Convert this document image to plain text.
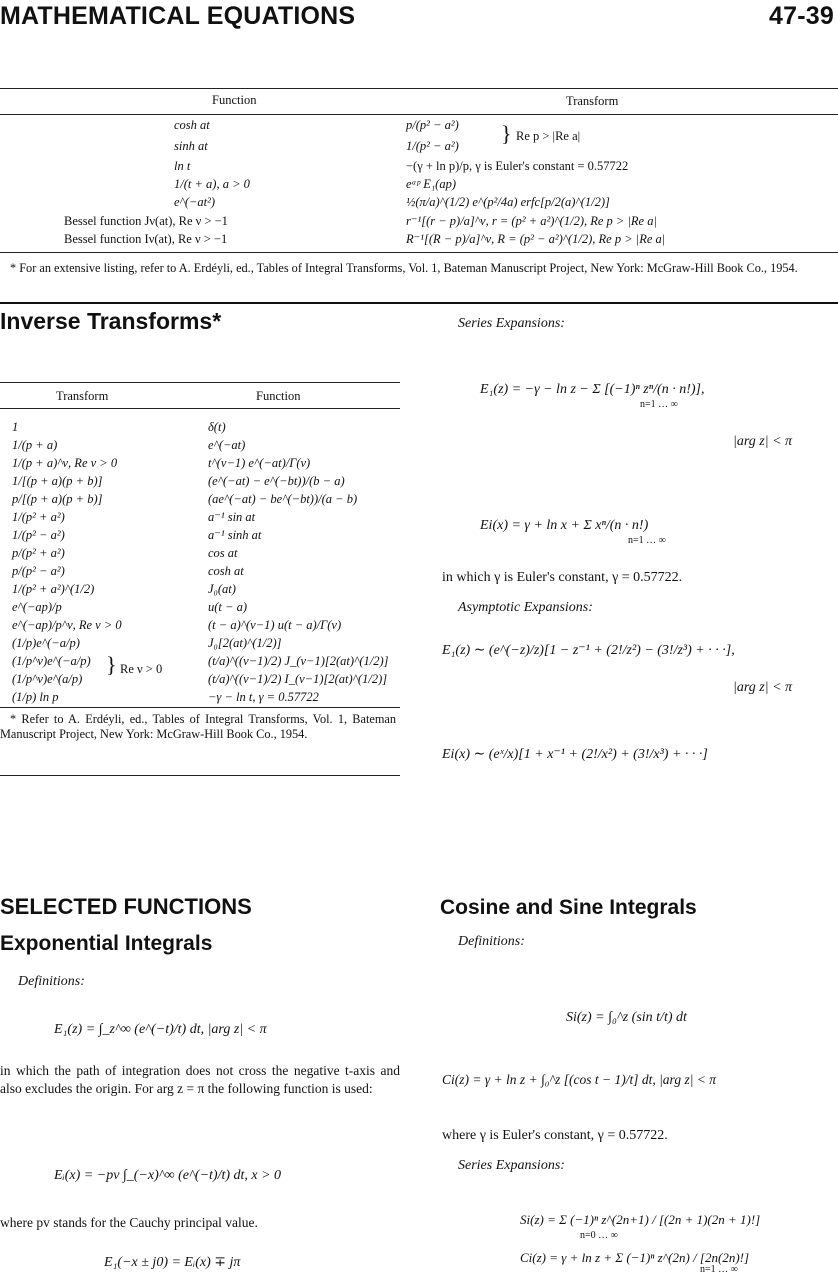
MATHEMATICAL EQUATIONS	47-39
Function	Transform
cosh at	p/(p² − a²)
sinh at	1/(p² − a²) } Re p > |Re a|
ln t	−(γ + ln p)/p, γ is Euler's constant = 0.57722
1/(t + a), a > 0	eᵃᵖ E₁(ap)
e^(−at²)	½(π/a)^(1/2) e^(p²/4a) erfc[p/2(a)^(1/2)]
Bessel function Jν(at), Re ν > −1	r⁻¹[(r − p)/a]^ν, r = (p² + a²)^(1/2), Re p > |Re a|
Bessel function Iν(at), Re ν > −1	R⁻¹[(R − p)/a]^ν, R = (p² − a²)^(1/2), Re p > |Re a|
* For an extensive listing, refer to A. Erdéyli, ed., Tables of Integral Transforms, Vol. 1, Bateman Manuscript Project, New York: McGraw-Hill Book Co., 1954.
Inverse Transforms*
Transform	Function
1	δ(t)
1/(p + a)	e^(−at)
1/(p + a)^ν, Re ν > 0	t^(ν−1) e^(−at)/Γ(ν)
1/[(p + a)(p + b)]	(e^(−at) − e^(−bt))/(b − a)
p/[(p + a)(p + b)]	(ae^(−at) − be^(−bt))/(a − b)
1/(p² + a²)	a⁻¹ sin at
1/(p² − a²)	a⁻¹ sinh at
p/(p² + a²)	cos at
p/(p² − a²)	cosh at
1/(p² + a²)^(1/2)	J₀(at)
e^(−ap)/p	u(t − a)
e^(−ap)/p^ν, Re ν > 0	(t − a)^(ν−1) u(t − a)/Γ(ν)
(1/p)e^(−a/p)	J₀[2(at)^(1/2)]
(1/p^ν)e^(−a/p)	(t/a)^((ν−1)/2) J_(ν−1)[2(at)^(1/2)]
(1/p^ν)e^(a/p)	(t/a)^((ν−1)/2) I_(ν−1)[2(at)^(1/2)]
} Re ν > 0
(1/p) ln p	−γ − ln t, γ = 0.57722
* Refer to A. Erdéyli, ed., Tables of Integral Transforms, Vol. 1, Bateman Manuscript Project, New York: McGraw-Hill Book Co., 1954.
Series Expansions:
E₁(z) = −γ − ln z − Σ [(−1)ⁿ zⁿ/(n · n!)],
n=1 … ∞
|arg z| < π
Ei(x) = γ + ln x + Σ xⁿ/(n · n!)
n=1 … ∞
in which γ is Euler's constant, γ = 0.57722.
Asymptotic Expansions:
E₁(z) ∼ (e^(−z)/z)[1 − z⁻¹ + (2!/z²) − (3!/z³) + · · ·],
|arg z| < π
Ei(x) ∼ (eˣ/x)[1 + x⁻¹ + (2!/x²) + (3!/x³) + · · ·]
SELECTED FUNCTIONS
Exponential Integrals
Definitions:
E₁(z) = ∫_z^∞ (e^(−t)/t) dt, |arg z| < π
in which the path of integration does not cross the negative t-axis and also excludes the origin. For arg z = π the following function is used:
Eᵢ(x) = −pv ∫_(−x)^∞ (e^(−t)/t) dt, x > 0
where pv stands for the Cauchy principal value.
E₁(−x ± j0) = Eᵢ(x) ∓ jπ
Cosine and Sine Integrals
Definitions:
Si(z) = ∫₀^z (sin t/t) dt
Ci(z) = γ + ln z + ∫₀^z [(cos t − 1)/t] dt, |arg z| < π
where γ is Euler's constant, γ = 0.57722.
Series Expansions:
Si(z) = Σ (−1)ⁿ z^(2n+1) / [(2n + 1)(2n + 1)!]
n=0 … ∞
Ci(z) = γ + ln z + Σ (−1)ⁿ z^(2n) / [2n(2n)!]
n=1 … ∞
